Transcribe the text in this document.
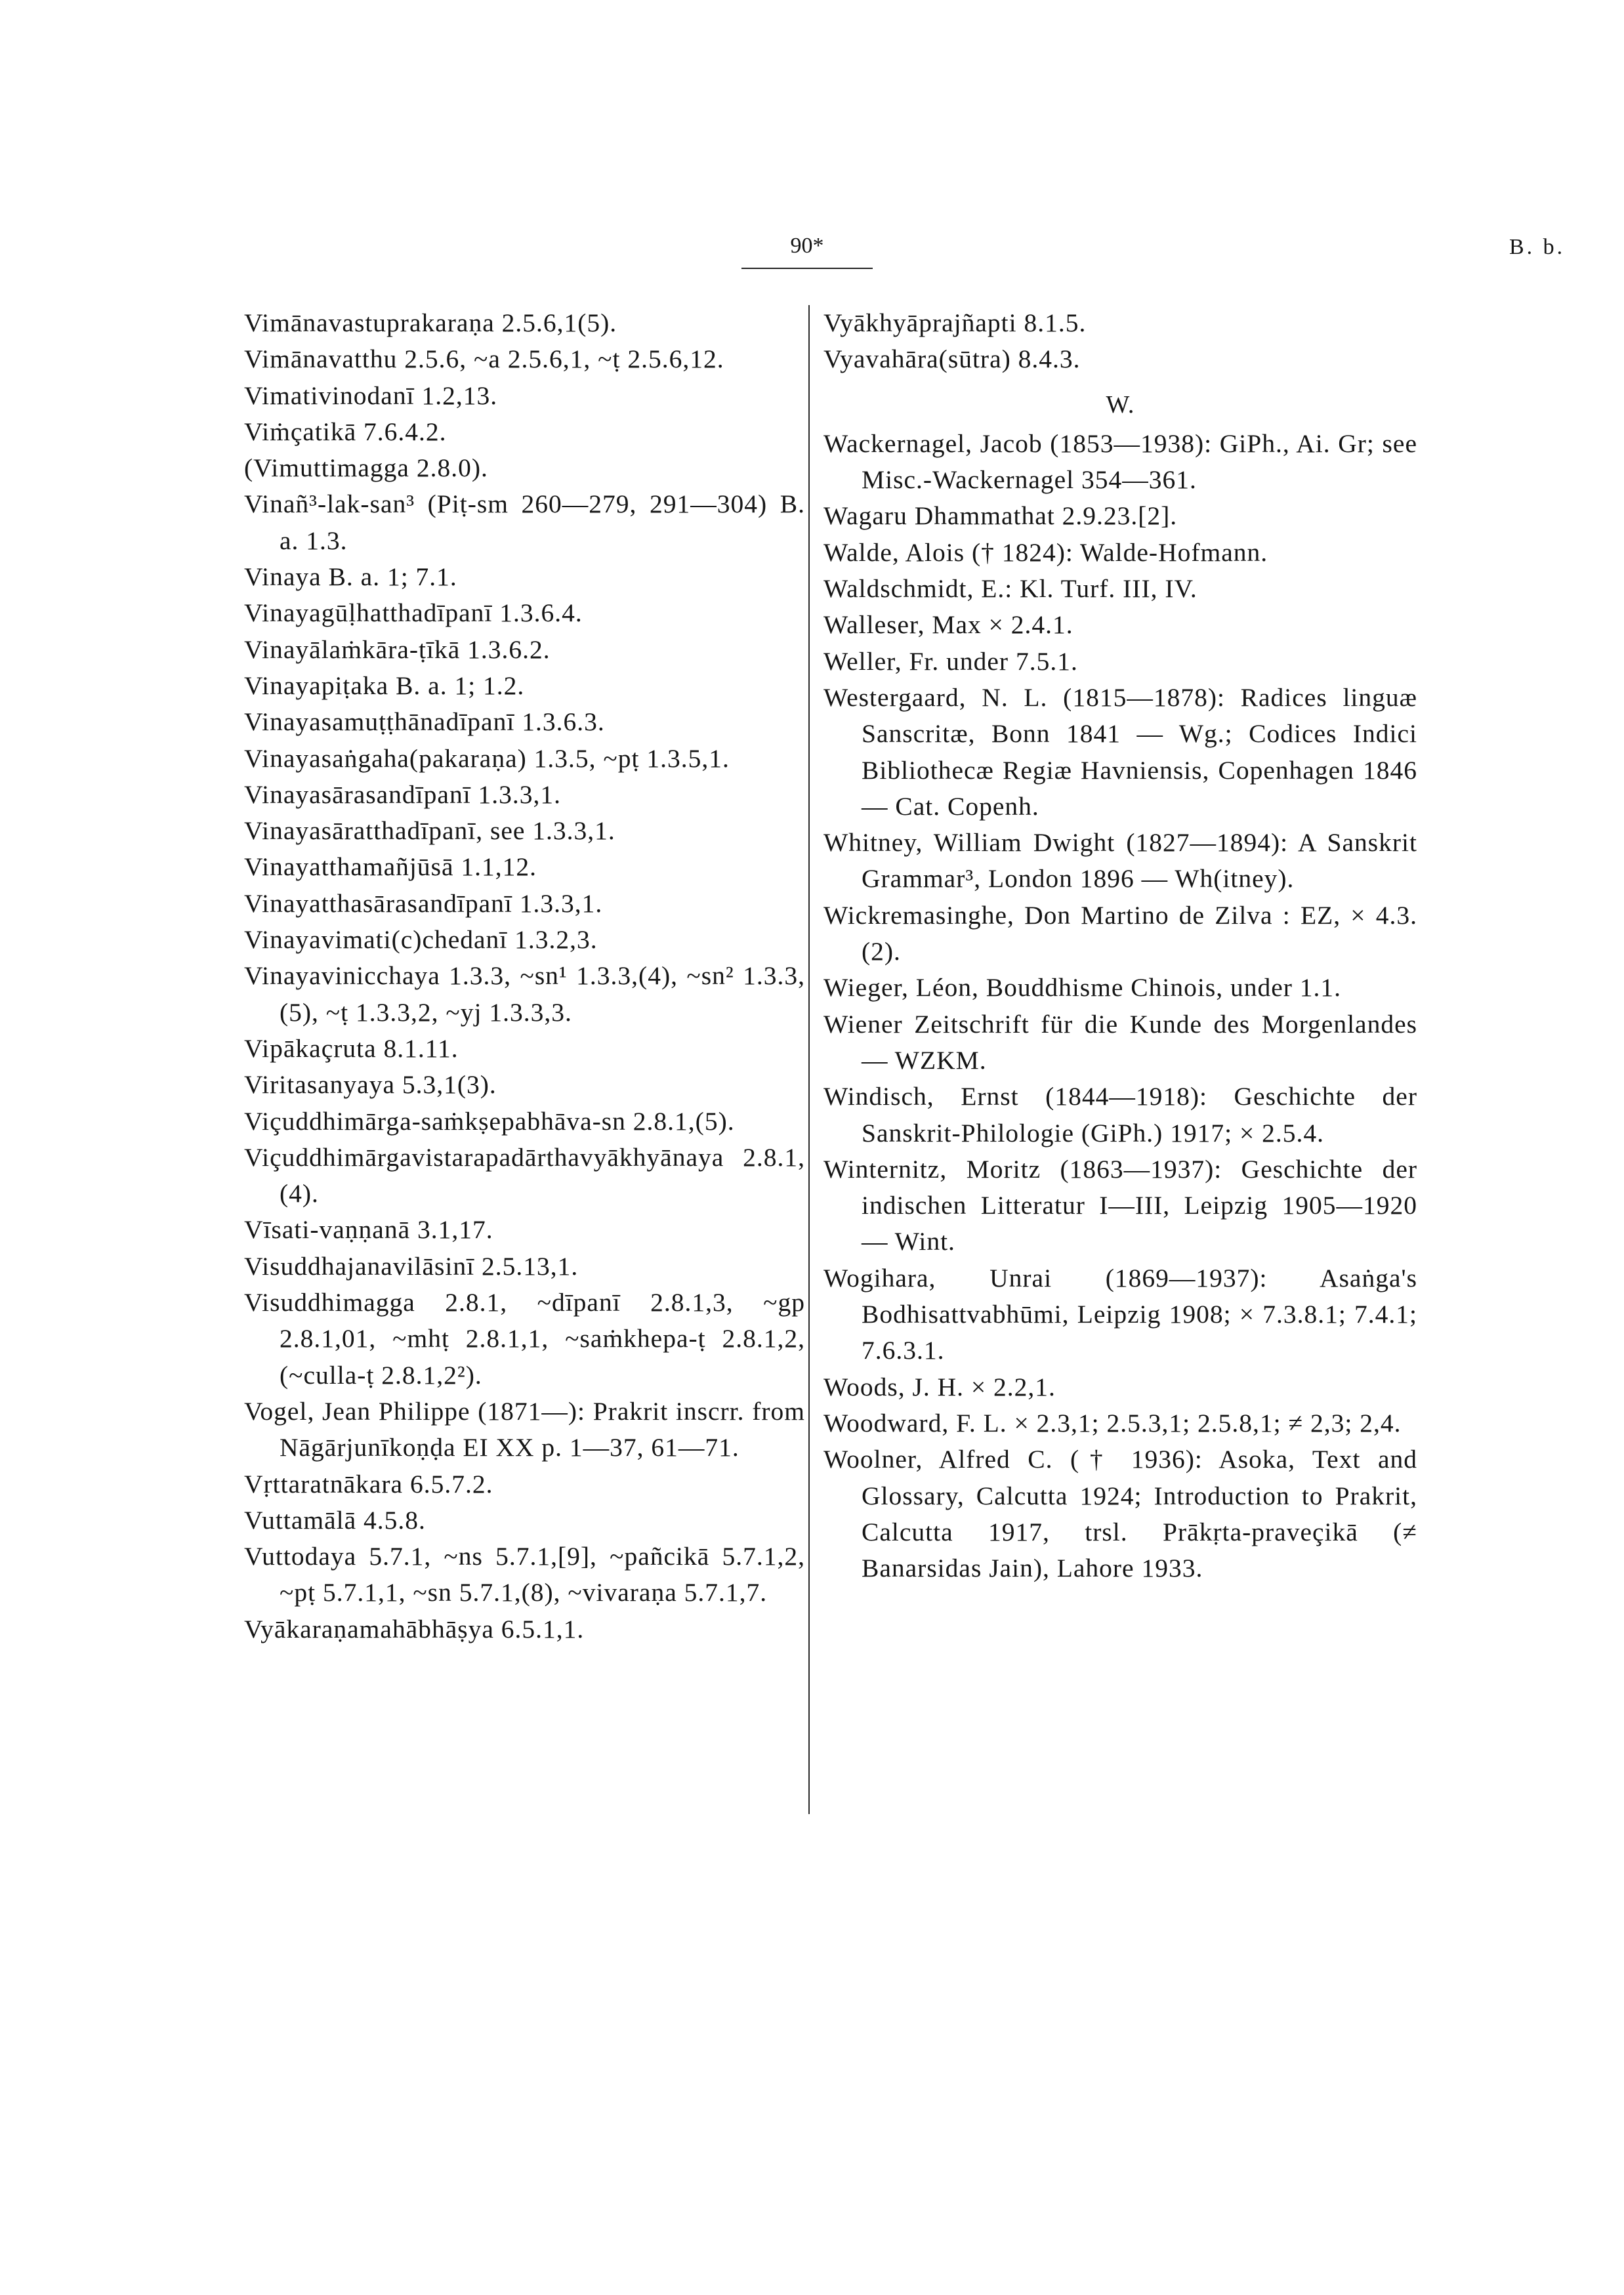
90*	B. b.
Vimānavastuprakaraṇa 2.5.6,1(5).
Vimānavatthu 2.5.6, ~a 2.5.6,1, ~ṭ 2.5.6,12.
Vimativinodanī 1.2,13.
Viṁçatikā 7.6.4.2.
(Vimuttimagga 2.8.0).
Vinañ³-lak-san³ (Piṭ-sm 260—279, 291—304) B. a. 1.3.
Vinaya B. a. 1; 7.1.
Vinayagūḷhatthadīpanī 1.3.6.4.
Vinayālaṁkāra-ṭīkā 1.3.6.2.
Vinayapiṭaka B. a. 1; 1.2.
Vinayasamuṭṭhānadīpanī 1.3.6.3.
Vinayasaṅgaha(pakaraṇa) 1.3.5, ~pṭ 1.3.5,1.
Vinayasārasandīpanī 1.3.3,1.
Vinayasāratthadīpanī, see 1.3.3,1.
Vinayatthamañjūsā 1.1,12.
Vinayatthasārasandīpanī 1.3.3,1.
Vinayavimati(c)chedanī 1.3.2,3.
Vinayavinicchaya 1.3.3, ~sn¹ 1.3.3,(4), ~sn² 1.3.3,(5), ~ṭ 1.3.3,2, ~yj 1.3.3,3.
Vipākaçruta 8.1.11.
Viritasanyaya 5.3,1(3).
Viçuddhimārga-saṁkṣepabhāva-sn 2.8.1,(5).
Viçuddhimārgavistarapadārthavyākhyānaya 2.8.1,(4).
Vīsati-vaṇṇanā 3.1,17.
Visuddhajanavilāsinī 2.5.13,1.
Visuddhimagga 2.8.1, ~dīpanī 2.8.1,3, ~gp 2.8.1,01, ~mhṭ 2.8.1,1, ~saṁkhepa-ṭ 2.8.1,2, (~culla-ṭ 2.8.1,2²).
Vogel, Jean Philippe (1871—): Prakrit inscrr. from Nāgārjunīkoṇḍa EI XX p. 1—37, 61—71.
Vṛttaratnākara 6.5.7.2.
Vuttamālā 4.5.8.
Vuttodaya 5.7.1, ~ns 5.7.1,[9], ~pañcikā 5.7.1,2, ~pṭ 5.7.1,1, ~sn 5.7.1,(8), ~vivaraṇa 5.7.1,7.
Vyākaraṇamahābhāṣya 6.5.1,1.
Vyākhyāprajñapti 8.1.5.
Vyavahāra(sūtra) 8.4.3.
W.
Wackernagel, Jacob (1853—1938): GiPh., Ai. Gr; see Misc.-Wackernagel 354—361.
Wagaru Dhammathat 2.9.23.[2].
Walde, Alois († 1824): Walde-Hofmann.
Waldschmidt, E.: Kl. Turf. III, IV.
Walleser, Max × 2.4.1.
Weller, Fr. under 7.5.1.
Westergaard, N. L. (1815—1878): Radices linguæ Sanscritæ, Bonn 1841 — Wg.; Codices Indici Bibliothecæ Regiæ Havniensis, Copenhagen 1846 — Cat. Copenh.
Whitney, William Dwight (1827—1894): A Sanskrit Grammar³, London 1896 — Wh(itney).
Wickremasinghe, Don Martino de Zilva : EZ, × 4.3.(2).
Wieger, Léon, Bouddhisme Chinois, under 1.1.
Wiener Zeitschrift für die Kunde des Morgenlandes — WZKM.
Windisch, Ernst (1844—1918): Geschichte der Sanskrit-Philologie (GiPh.) 1917; × 2.5.4.
Winternitz, Moritz (1863—1937): Geschichte der indischen Litteratur I—III, Leipzig 1905—1920 — Wint.
Wogihara, Unrai (1869—1937): Asaṅga's Bodhisattvabhūmi, Leipzig 1908; × 7.3.8.1; 7.4.1; 7.6.3.1.
Woods, J. H. × 2.2,1.
Woodward, F. L. × 2.3,1; 2.5.3,1; 2.5.8,1; ≠ 2,3; 2,4.
Woolner, Alfred C. († 1936): Asoka, Text and Glossary, Calcutta 1924; Introduction to Prakrit, Calcutta 1917, trsl. Prākṛta-praveçikā (≠ Banarsidas Jain), Lahore 1933.
